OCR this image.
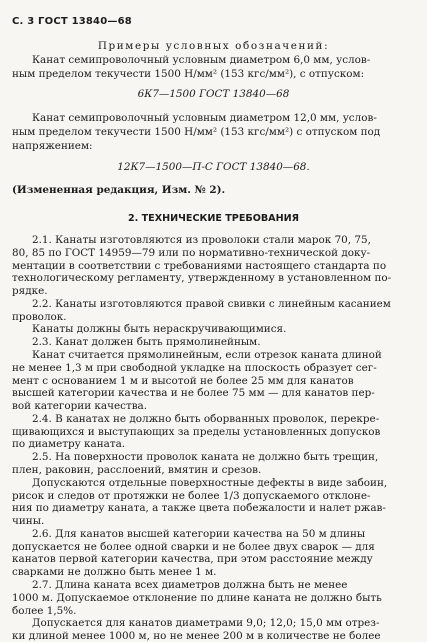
С. 3 ГОСТ 13840—68
Примеры условных обозначений:
Канат семипроволочный условным диаметром 6,0 мм, услов-
ным пределом текучести 1500 Н/мм² (153 кгс/мм²), с отпуском:
6К7—1500 ГОСТ 13840—68
Канат семипроволочный условным диаметром 12,0 мм, услов-
ным пределом текучести 1500 Н/мм² (153 кгс/мм²) с отпуском под
напряжением:
12К7—1500—П-С ГОСТ 13840—68.
(Измененная редакция, Изм. № 2).
2. ТЕХНИЧЕСКИЕ ТРЕБОВАНИЯ
2.1. Канаты изготовляются из проволоки стали марок 70, 75,
80, 85 по ГОСТ 14959—79 или по нормативно-технической доку-
ментации в соответствии с требованиями настоящего стандарта по
технологическому регламенту, утвержденному в установленном по-
рядке.
2.2. Канаты изготовляются правой свивки с линейным касанием
проволок.
Канаты должны быть нераскручивающимися.
2.3. Канат должен быть прямолинейным.
Канат считается прямолинейным, если отрезок каната длиной
не менее 1,3 м при свободной укладке на плоскость образует сег-
мент с основанием 1 м и высотой не более 25 мм для канатов
высшей категории качества и не более 75 мм — для канатов пер-
вой категории качества.
2.4. В канатах не должно быть оборванных проволок, перекре-
щивающихся и выступающих за пределы установленных допусков
по диаметру каната.
2.5. На поверхности проволок каната не должно быть трещин,
плен, раковин, расслоений, вмятин и срезов.
Допускаются отдельные поверхностные дефекты в виде забоин,
рисок и следов от протяжки не более 1/3 допускаемого отклоне-
ния по диаметру каната, а также цвета побежалости и налет ржав-
чины.
2.6. Для канатов высшей категории качества на 50 м длины
допускается не более одной сварки и не более двух сварок — для
канатов первой категории качества, при этом расстояние между
сварками не должно быть менее 1 м.
2.7. Длина каната всех диаметров должна быть не менее
1000 м. Допускаемое отклонение по длине каната не должно быть
более 1,5%.
Допускается для канатов диаметрами 9,0; 12,0; 15,0 мм отрез-
ки длиной менее 1000 м, но не менее 200 м в количестве не более
